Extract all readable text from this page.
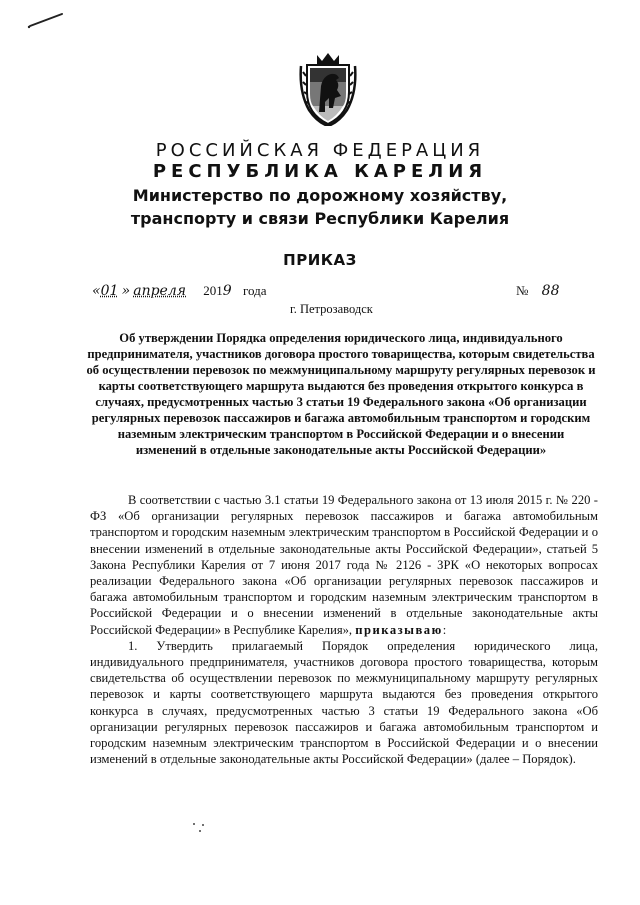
РОССИЙСКАЯ ФЕДЕРАЦИЯ
РЕСПУБЛИКА КАРЕЛИЯ
Министерство по дорожному хозяйству,
транспорту и связи Республики Карелия
ПРИКАЗ
«01 » апреля 2019 года	№ 88
г. Петрозаводск
Об утверждении Порядка определения юридического лица, индивидуального предпринимателя, участников договора простого товарищества, которым свидетельства об осуществлении перевозок по межмуниципальному маршруту регулярных перевозок и карты соответствующего маршрута выдаются без проведения открытого конкурса в случаях, предусмотренных частью 3 статьи 19 Федерального закона «Об организации регулярных перевозок пассажиров и багажа автомобильным транспортом и городским наземным электрическим транспортом в Российской Федерации и о внесении изменений в отдельные законодательные акты Российской Федерации»

В соответствии с частью 3.1 статьи 19 Федерального закона от 13 июля 2015 г. № 220 - ФЗ «Об организации регулярных перевозок пассажиров и багажа автомобильным транспортом и городским наземным электрическим транспортом в Российской Федерации и о внесении изменений в отдельные законодательные акты Российской Федерации», статьей 5 Закона Республики Карелия от 7 июня 2017 года № 2126 - ЗРК «О некоторых вопросах реализации Федерального закона «Об организации регулярных перевозок пассажиров и багажа автомобильным транспортом и городским наземным электрическим транспортом в Российской Федерации и о внесении изменений в отдельные законодательные акты Российской Федерации» в Республике Карелия», приказываю:

1. Утвердить прилагаемый Порядок определения юридического лица, индивидуального предпринимателя, участников договора простого товарищества, которым свидетельства об осуществлении перевозок по межмуниципальному маршруту регулярных перевозок и карты соответствующего маршрута выдаются без проведения открытого конкурса в случаях, предусмотренных частью 3 статьи 19 Федерального закона «Об организации регулярных перевозок пассажиров и багажа автомобильным транспортом и городским наземным электрическим транспортом в Российской Федерации и о внесении изменений в отдельные законодательные акты Российской Федерации» (далее – Порядок).
